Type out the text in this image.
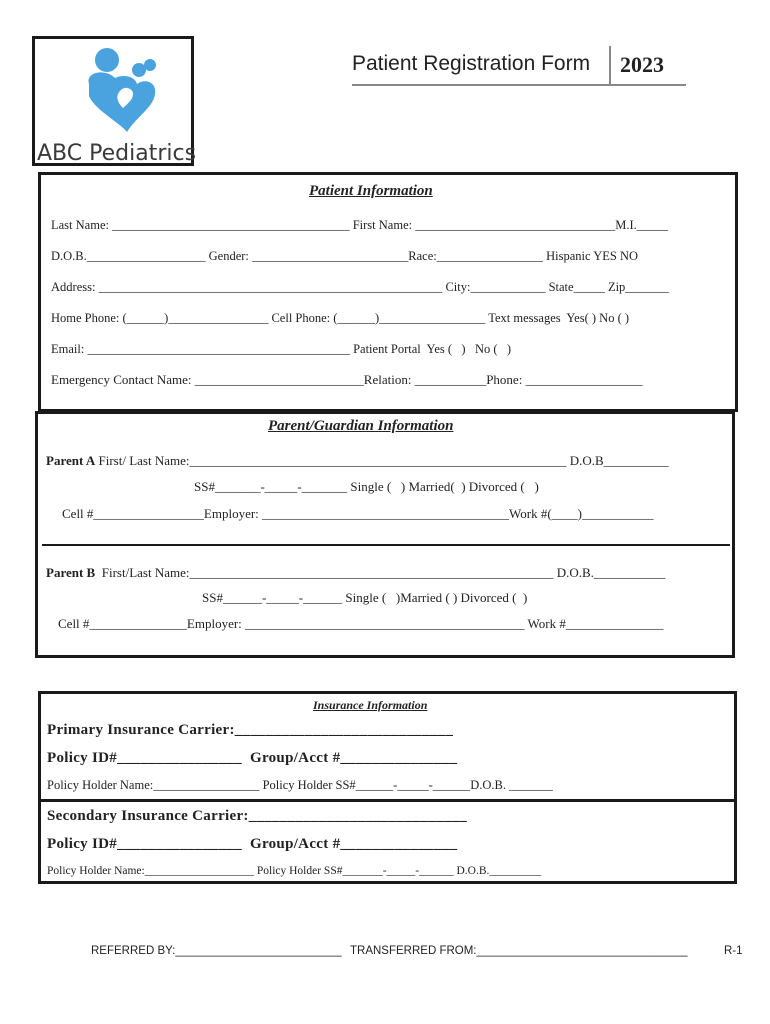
ABC Pediatrics
Patient Registration Form 2023
Patient Information
Last Name: ______________________________________ First Name: ________________________________M.I._____
D.O.B.___________________ Gender: _________________________Race:_________________ Hispanic YES NO
Address: _______________________________________________________ City:____________ State_____ Zip_______
Home Phone: (______)________________ Cell Phone: (______)_________________ Text messages  Yes( ) No ( )
Email: __________________________________________ Patient Portal  Yes (   )   No (   )
Emergency Contact Name: __________________________Relation: ___________Phone: __________________
Parent/Guardian Information
Parent A First/ Last Name:__________________________________________________________ D.O.B__________
SS#_______-_____-_______ Single (   ) Married(  ) Divorced (   )
Cell #_________________Employer: ______________________________________Work #(____)___________
Parent B  First/Last Name:________________________________________________________ D.O.B.___________
SS#______-_____-______ Single (   )Married ( ) Divorced (  )
Cell #_______________Employer: ___________________________________________ Work #_______________
Insurance Information
Primary Insurance Carrier:____________________________
Policy ID#________________  Group/Acct #_______________
Policy Holder Name:_________________ Policy Holder SS#______-_____-______D.O.B. _______
Secondary Insurance Carrier:____________________________
Policy ID#________________  Group/Acct #_______________
Policy Holder Name:___________________ Policy Holder SS#_______-_____-______ D.O.B._________
REFERRED BY:__________________________ TRANSFERRED FROM:_________________________________	R-1
